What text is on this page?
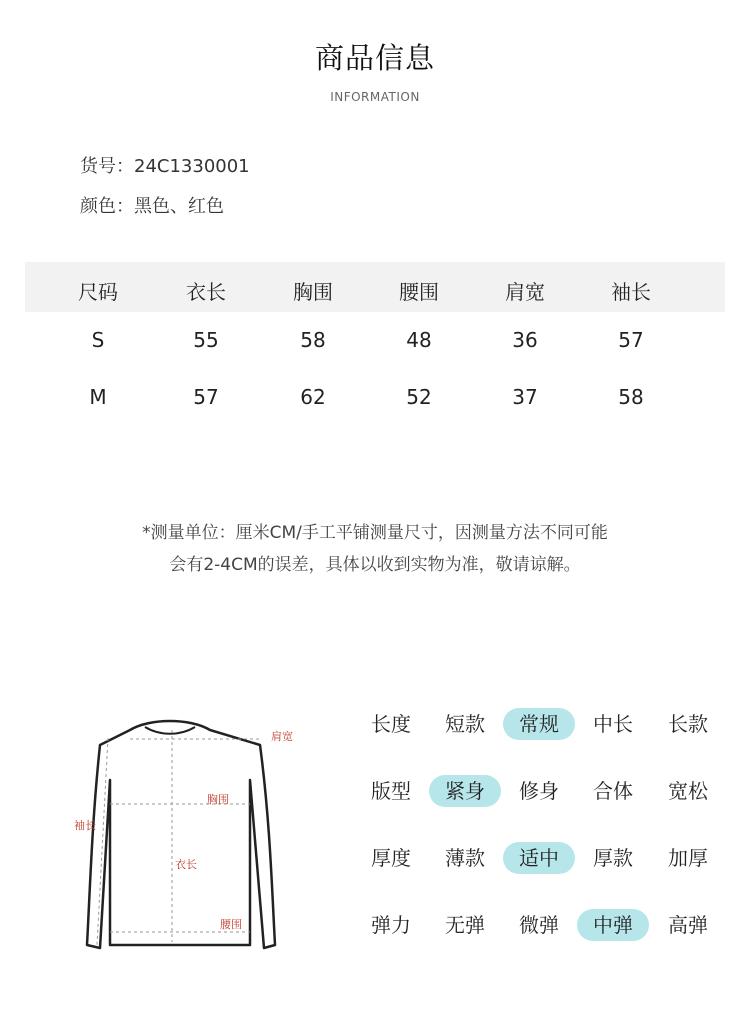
商品信息
INFORMATION
货号：24C1330001
颜色：黑色、红色
尺码	衣长	胸围	腰围	肩宽	袖长
S	55	58	48	36	57
M	57	62	52	37	58
*测量单位：厘米CM/手工平铺测量尺寸，因测量方法不同可能
会有2-4CM的误差，具体以收到实物为准，敬请谅解。
肩宽
胸围
袖长
衣长
腰围
长度	短款	常规	中长	长款
版型	紧身	修身	合体	宽松
厚度	薄款	适中	厚款	加厚
弹力	无弹	微弹	中弹	高弹
